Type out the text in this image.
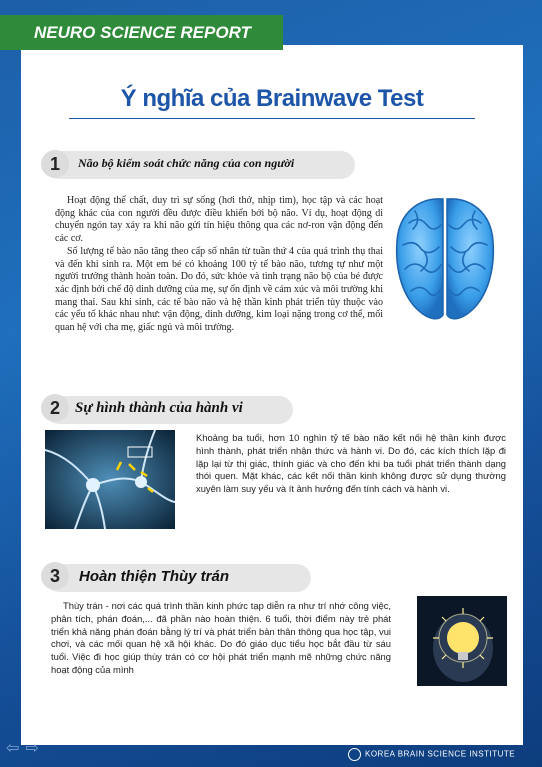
NEURO SCIENCE REPORT
Ý nghĩa của Brainwave Test
1	Não bộ kiểm soát chức năng của con người

Hoạt động thể chất, duy trì sự sống (hơi thở, nhịp tim), học tập và các hoạt động khác của con người đều được điều khiển bởi bộ não. Ví dụ, hoạt động di chuyển ngón tay xảy ra khi não gửi tín hiệu thông qua các nơ-ron vận động đến các cơ.

Số lượng tế bào não tăng theo cấp số nhân từ tuần thứ 4 của quá trình thụ thai và đến khi sinh ra. Một em bé có khoảng 100 tỷ tế bào não, tương tự như một người trưởng thành hoàn toàn. Do đó, sức khỏe và tình trạng não bộ của bé được xác định bởi chế độ dinh dưỡng của mẹ, sự ổn định về cảm xúc và môi trường khi mang thai. Sau khi sinh, các tế bào não và hệ thần kinh phát triển tùy thuộc vào các yếu tố khác nhau như: vận động, dinh dưỡng, kim loại nặng trong cơ thể, mối quan hệ với cha mẹ, giấc ngủ và môi trường.

2	Sự hình thành của hành vi

Khoảng ba tuổi, hơn 10 nghìn tỷ tế bào não kết nối hệ thần kinh được hình thành, phát triển nhận thức và hành vi. Do đó, các kích thích lặp đi lặp lại từ thị giác, thính giác và cho đến khi ba tuổi phát triển thành dạng thói quen. Mặt khác, các kết nối thần kinh không được sử dụng thường xuyên làm suy yếu và ít ảnh hưởng đến tính cách và hành vi.

3	Hoàn thiện Thùy trán

Thùy trán - nơi các quá trình thần kinh phức tạp diễn ra như trí nhớ công việc, phân tích, phán đoán,... đã phần nào hoàn thiện. 6 tuổi, thời điểm này trẻ phát triển khả năng phán đoán bằng lý trí và phát triển bản thân thông qua học tập, vui chơi, và các mối quan hệ xã hội khác. Do đó giáo dục tiểu học bắt đầu từ sáu tuổi. Việc đi học giúp thùy trán có cơ hội phát triển mạnh mẽ những chức năng hoạt động của mình

⇦⇨	KOREA BRAIN SCIENCE INSTITUTE
